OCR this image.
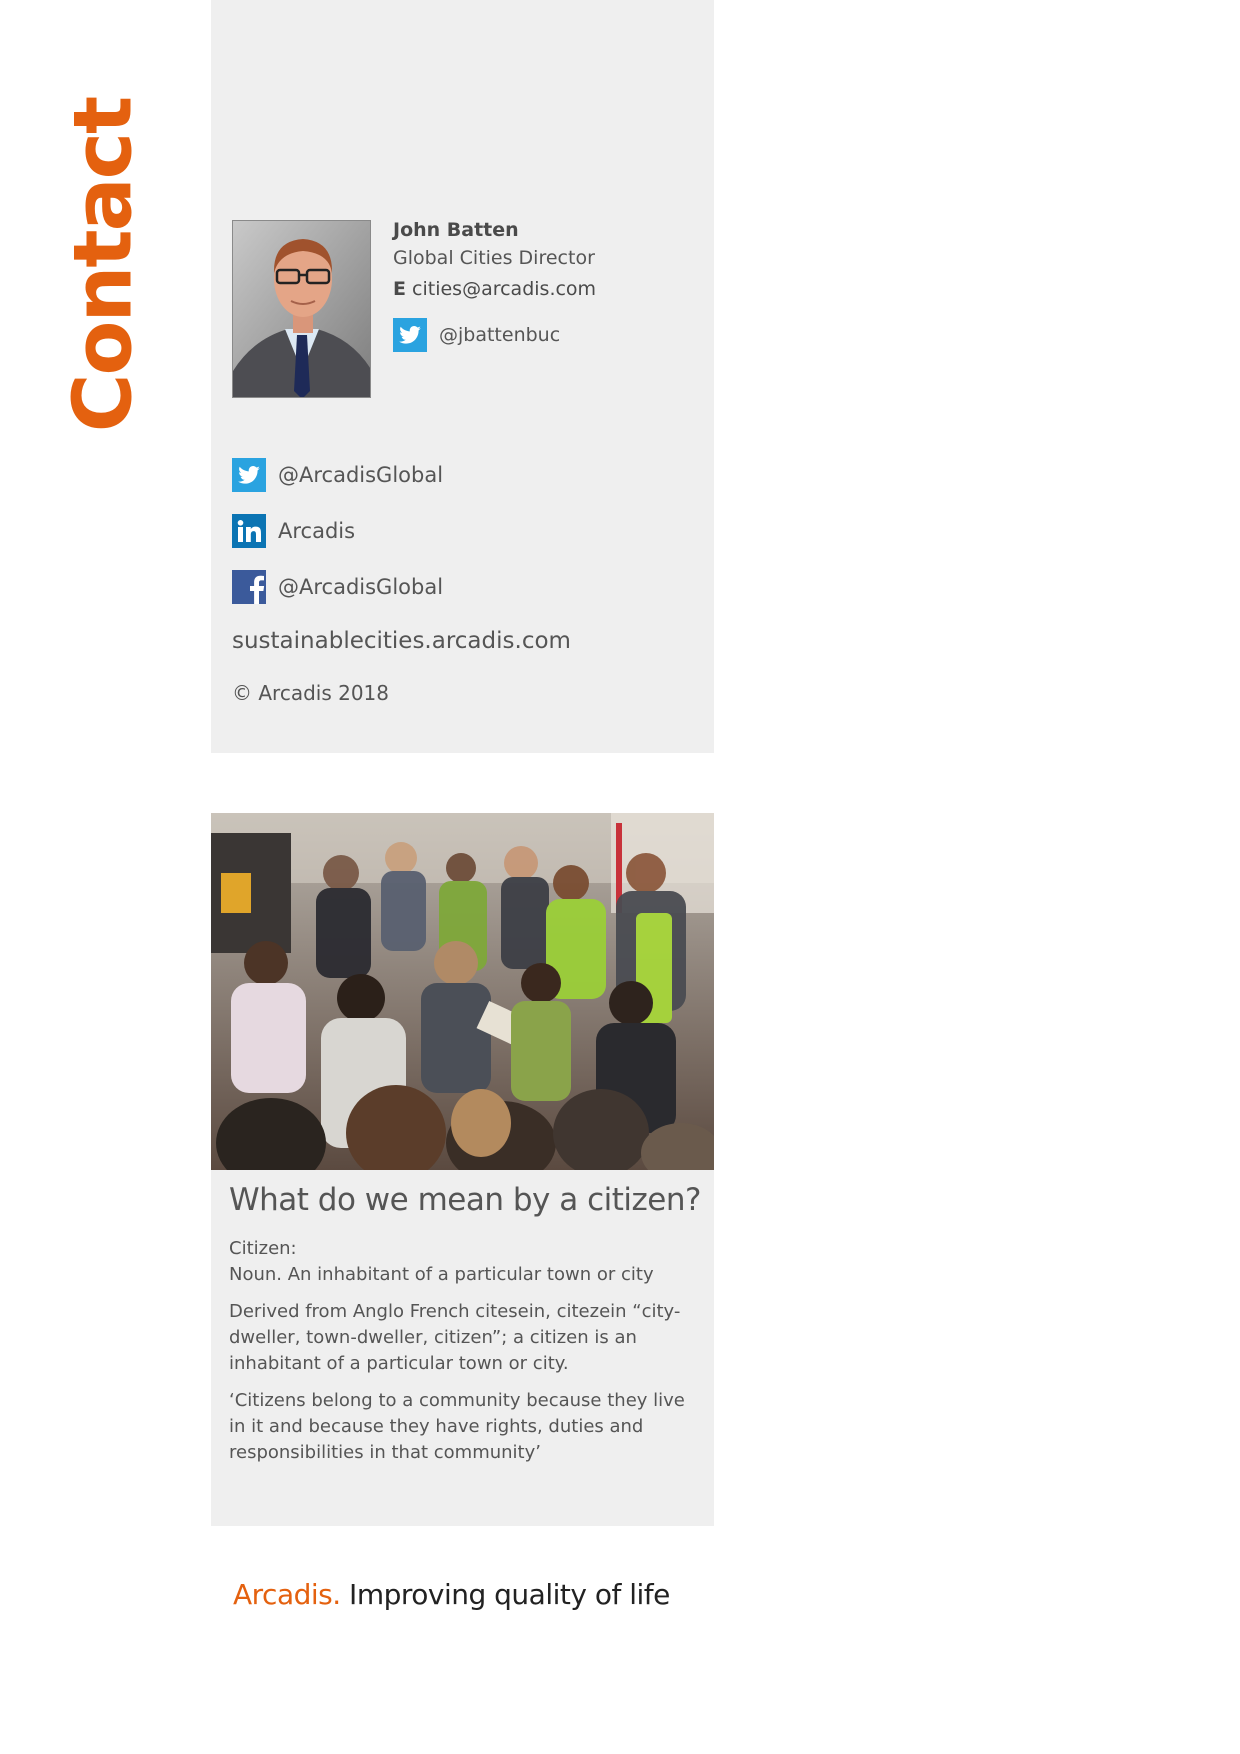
Contact	John Batten
Global Cities Director
E cities@arcadis.com
@jbattenbuc
@ArcadisGlobal
Arcadis
@ArcadisGlobal
sustainablecities.arcadis.com
© Arcadis 2018
What do we mean by a citizen?

Citizen:
Noun. An inhabitant of a particular town or city

Derived from Anglo French citesein, citezein “city-dweller, town-dweller, citizen”; a citizen is an inhabitant of a particular town or city.

‘Citizens belong to a community because they live in it and because they have rights, duties and responsibilities in that community’

Arcadis. Improving quality of life
